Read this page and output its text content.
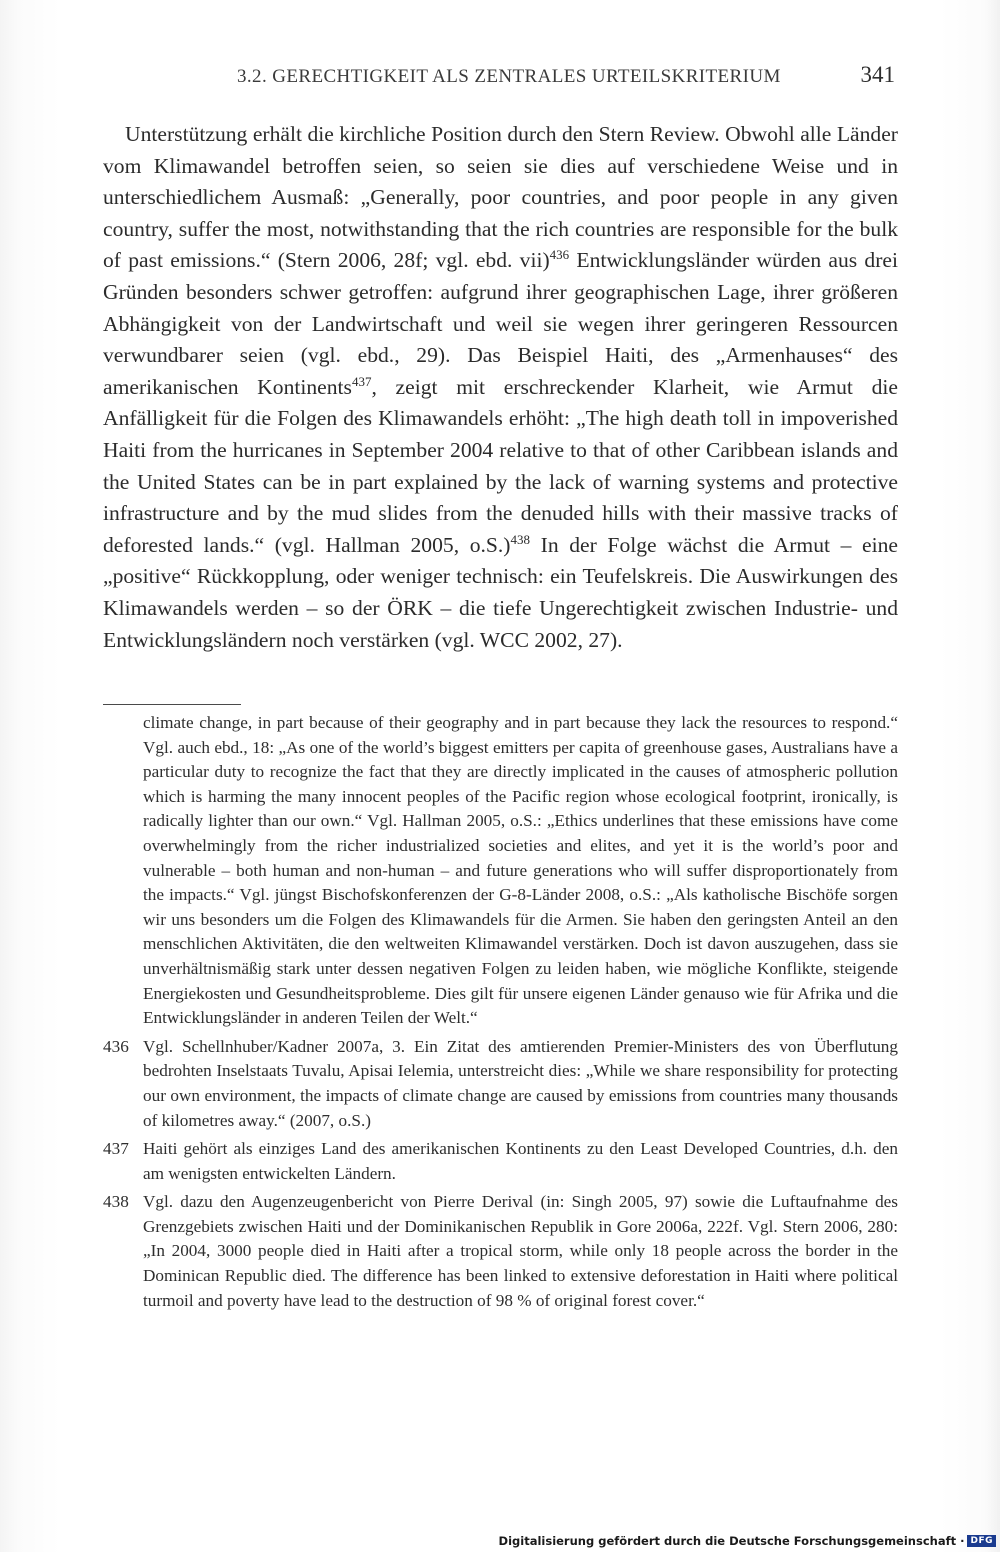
3.2. GERECHTIGKEIT ALS ZENTRALES URTEILSKRITERIUM	341

Unterstützung erhält die kirchliche Position durch den Stern Review. Obwohl alle Länder vom Klimawandel betroffen seien, so seien sie dies auf verschiedene Weise und in unterschiedlichem Ausmaß: „Generally, poor countries, and poor people in any given country, suffer the most, notwithstanding that the rich countries are responsible for the bulk of past emissions.“ (Stern 2006, 28f; vgl. ebd. vii)$^{436}$ Entwicklungsländer würden aus drei Gründen besonders schwer getroffen: aufgrund ihrer geographischen Lage, ihrer größeren Abhängigkeit von der Landwirtschaft und weil sie wegen ihrer geringeren Ressourcen verwundbarer seien (vgl. ebd., 29). Das Beispiel Haiti, des „Armenhauses“ des amerikanischen Kontinents$^{437}$, zeigt mit erschreckender Klarheit, wie Armut die Anfälligkeit für die Folgen des Klimawandels erhöht: „The high death toll in impoverished Haiti from the hurricanes in September 2004 relative to that of other Caribbean islands and the United States can be in part explained by the lack of warning systems and protective infrastructure and by the mud slides from the denuded hills with their massive tracks of deforested lands.“ (vgl. Hallman 2005, o.S.)$^{438}$ In der Folge wächst die Armut – eine „positive“ Rückkopplung, oder weniger technisch: ein Teufelskreis. Die Auswirkungen des Klimawandels werden – so der ÖRK – die tiefe Ungerechtigkeit zwischen Industrie- und Entwicklungsländern noch verstärken (vgl. WCC 2002, 27).

climate change, in part because of their geography and in part because they lack the resources to respond.“ Vgl. auch ebd., 18: „As one of the world’s biggest emitters per capita of greenhouse gases, Australians have a particular duty to recognize the fact that they are directly implicated in the causes of atmospheric pollution which is harming the many innocent peoples of the Pacific region whose ecological footprint, ironically, is radically lighter than our own.“ Vgl. Hallman 2005, o.S.: „Ethics underlines that these emissions have come overwhelmingly from the richer industrialized societies and elites, and yet it is the world’s poor and vulnerable – both human and non-human – and future generations who will suffer disproportionately from the impacts.“ Vgl. jüngst Bischofskonferenzen der G-8-Länder 2008, o.S.: „Als katholische Bischöfe sorgen wir uns besonders um die Folgen des Klimawandels für die Armen. Sie haben den geringsten Anteil an den menschlichen Aktivitäten, die den weltweiten Klimawandel verstärken. Doch ist davon auszugehen, dass sie unverhältnismäßig stark unter dessen negativen Folgen zu leiden haben, wie mögliche Konflikte, steigende Energiekosten und Gesundheitsprobleme. Dies gilt für unsere eigenen Länder genauso wie für Afrika und die Entwicklungsländer in anderen Teilen der Welt.“

436 Vgl. Schellnhuber/Kadner 2007a, 3. Ein Zitat des amtierenden Premier-Ministers des von Überflutung bedrohten Inselstaats Tuvalu, Apisai Ielemia, unterstreicht dies: „While we share responsibility for protecting our own environment, the impacts of climate change are caused by emissions from countries many thousands of kilometres away.“ (2007, o.S.)

437 Haiti gehört als einziges Land des amerikanischen Kontinents zu den Least Developed Countries, d.h. den am wenigsten entwickelten Ländern.

438 Vgl. dazu den Augenzeugenbericht von Pierre Derival (in: Singh 2005, 97) sowie die Luftaufnahme des Grenzgebiets zwischen Haiti und der Dominikanischen Republik in Gore 2006a, 222f. Vgl. Stern 2006, 280: „In 2004, 3000 people died in Haiti after a tropical storm, while only 18 people across the border in the Dominican Republic died. The difference has been linked to extensive deforestation in Haiti where political turmoil and poverty have lead to the destruction of 98 % of original forest cover.“

Digitalisierung gefördert durch die Deutsche Forschungsgemeinschaft · DFG
